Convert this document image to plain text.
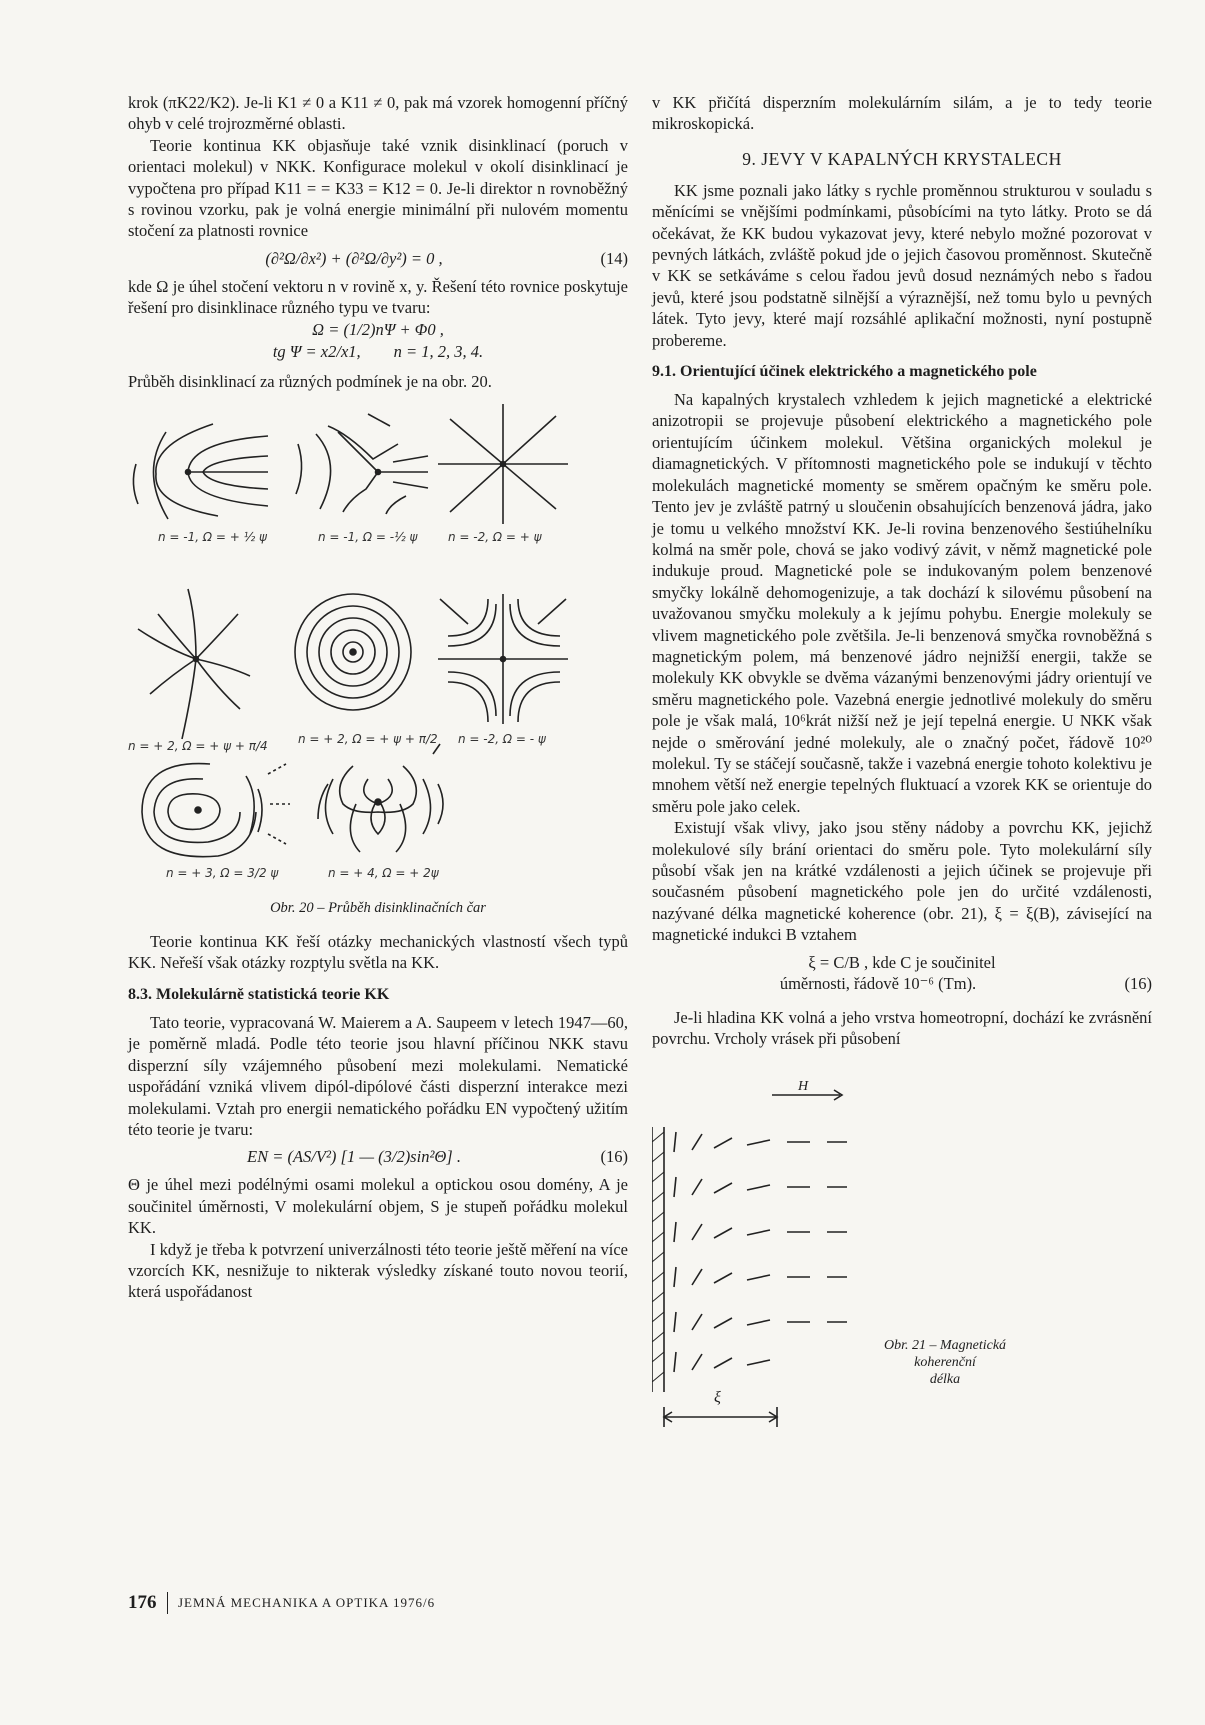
krok (πK22/K2). Je-li K1 ≠ 0 a K11 ≠ 0, pak má vzorek homogenní příčný ohyb v celé trojrozměrné oblasti.

Teorie kontinua KK objasňuje také vznik disinklinací (poruch v orientaci molekul) v NKK. Konfigurace molekul v okolí disinklinací je vypočtena pro případ K11 = = K33 = K12 = 0. Je-li direktor n rovnoběžný s rovinou vzorku, pak je volná energie minimální při nulovém momentu stočení za platnosti rovnice

(∂²Ω/∂x²) + (∂²Ω/∂y²) = 0 ,	(14)

kde Ω je úhel stočení vektoru n v rovině x, y. Řešení této rovnice poskytuje řešení pro disinklinace různého typu ve tvaru:

Ω = (1/2)nΨ + Φ0 ,
tg Ψ = x2/x1,        n = 1, 2, 3, 4.

Průběh disinklinací za různých podmínek je na obr. 20.

n = -1, Ω = + ½ ψ	n = -1, Ω = -½ ψ	n = -2, Ω = + ψ
n = + 2, Ω = + ψ + π/4	n = + 2, Ω = + ψ + π/2 n = -2, Ω = - ψ
n = + 3, Ω = 3/2 ψ	n = + 4, Ω = + 2ψ
Obr. 20 – Průběh disinklinačních čar

Teorie kontinua KK řeší otázky mechanických vlastností všech typů KK. Neřeší však otázky rozptylu světla na KK.

8.3. Molekulárně statistická teorie KK

Tato teorie, vypracovaná W. Maierem a A. Saupeem v letech 1947—60, je poměrně mladá. Podle této teorie jsou hlavní příčinou NKK stavu disperzní síly vzájemného působení mezi molekulami. Nematické uspořádání vzniká vlivem dipól-dipólové části disperzní interakce mezi molekulami. Vztah pro energii nematického pořádku EN vypočtený užitím této teorie je tvaru:

EN = (AS/V²) [1 — (3/2)sin²Θ] .	(16)

Θ je úhel mezi podélnými osami molekul a optickou osou domény, A je součinitel úměrnosti, V molekulární objem, S je stupeň pořádku molekul KK.

I když je třeba k potvrzení univerzálnosti této teorie ještě měření na více vzorcích KK, nesnižuje to nikterak výsledky získané touto novou teorií, která uspořádanost

v KK přičítá disperzním molekulárním silám, a je to tedy teorie mikroskopická.

9. JEVY V KAPALNÝCH KRYSTALECH

KK jsme poznali jako látky s rychle proměnnou strukturou v souladu s měnícími se vnějšími podmínkami, působícími na tyto látky. Proto se dá očekávat, že KK budou vykazovat jevy, které nebylo možné pozorovat v pevných látkách, zvláště pokud jde o jejich časovou proměnnost. Skutečně v KK se setkáváme s celou řadou jevů dosud neznámých nebo s řadou jevů, které jsou podstatně silnější a výraznější, než tomu bylo u pevných látek. Tyto jevy, které mají rozsáhlé aplikační možnosti, nyní postupně probereme.

9.1. Orientující účinek elektrického a magnetického pole

Na kapalných krystalech vzhledem k jejich magnetické a elektrické anizotropii se projevuje působení elektrického a magnetického pole orientujícím účinkem molekul. Většina organických molekul je diamagnetických. V přítomnosti magnetického pole se indukují v těchto molekulách magnetické momenty se směrem opačným ke směru pole. Tento jev je zvláště patrný u sloučenin obsahujících benzenová jádra, jako je tomu u velkého množství KK. Je-li rovina benzenového šestiúhelníku kolmá na směr pole, chová se jako vodivý závit, v němž magnetické pole indukuje proud. Magnetické pole se indukovaným polem benzenové smyčky lokálně dehomogenizuje, a tak dochází k silovému působení na uvažovanou smyčku molekuly a k jejímu pohybu. Energie molekuly se vlivem magnetického pole zvětšila. Je-li benzenová smyčka rovnoběžná s magnetickým polem, má benzenové jádro nejnižší energii, takže se molekuly KK obvykle se dvěma vázanými benzenovými jádry orientují ve směru magnetického pole. Vazebná energie jednotlivé molekuly do směru pole je však malá, 10⁶krát nižší než je její tepelná energie. U NKK však nejde o směrování jedné molekuly, ale o značný počet, řádově 10²⁰ molekul. Ty se stáčejí současně, takže i vazebná energie tohoto kolektivu je mnohem větší než energie tepelných fluktuací a vzorek KK se orientuje do směru pole jako celek.

Existují však vlivy, jako jsou stěny nádoby a povrchu KK, jejichž molekulové síly brání orientaci do směru pole. Tyto molekulární síly působí však jen na krátké vzdálenosti a jejich účinek se projevuje při současném působení magnetického pole jen do určité vzdálenosti, nazývané délka magnetické koherence (obr. 21), ξ = ξ(B), závisející na magnetické indukci B vztahem

ξ = C/B , kde C je součinitel
úměrnosti, řádově 10⁻⁶ (Tm).	(16)

Je-li hladina KK volná a jeho vrstva homeotropní, dochází ke zvrásnění povrchu. Vrcholy vrásek při působení

H
ξ
Obr. 21 – Magnetická koherenční
délka
176 JEMNÁ MECHANIKA A OPTIKA 1976/6
